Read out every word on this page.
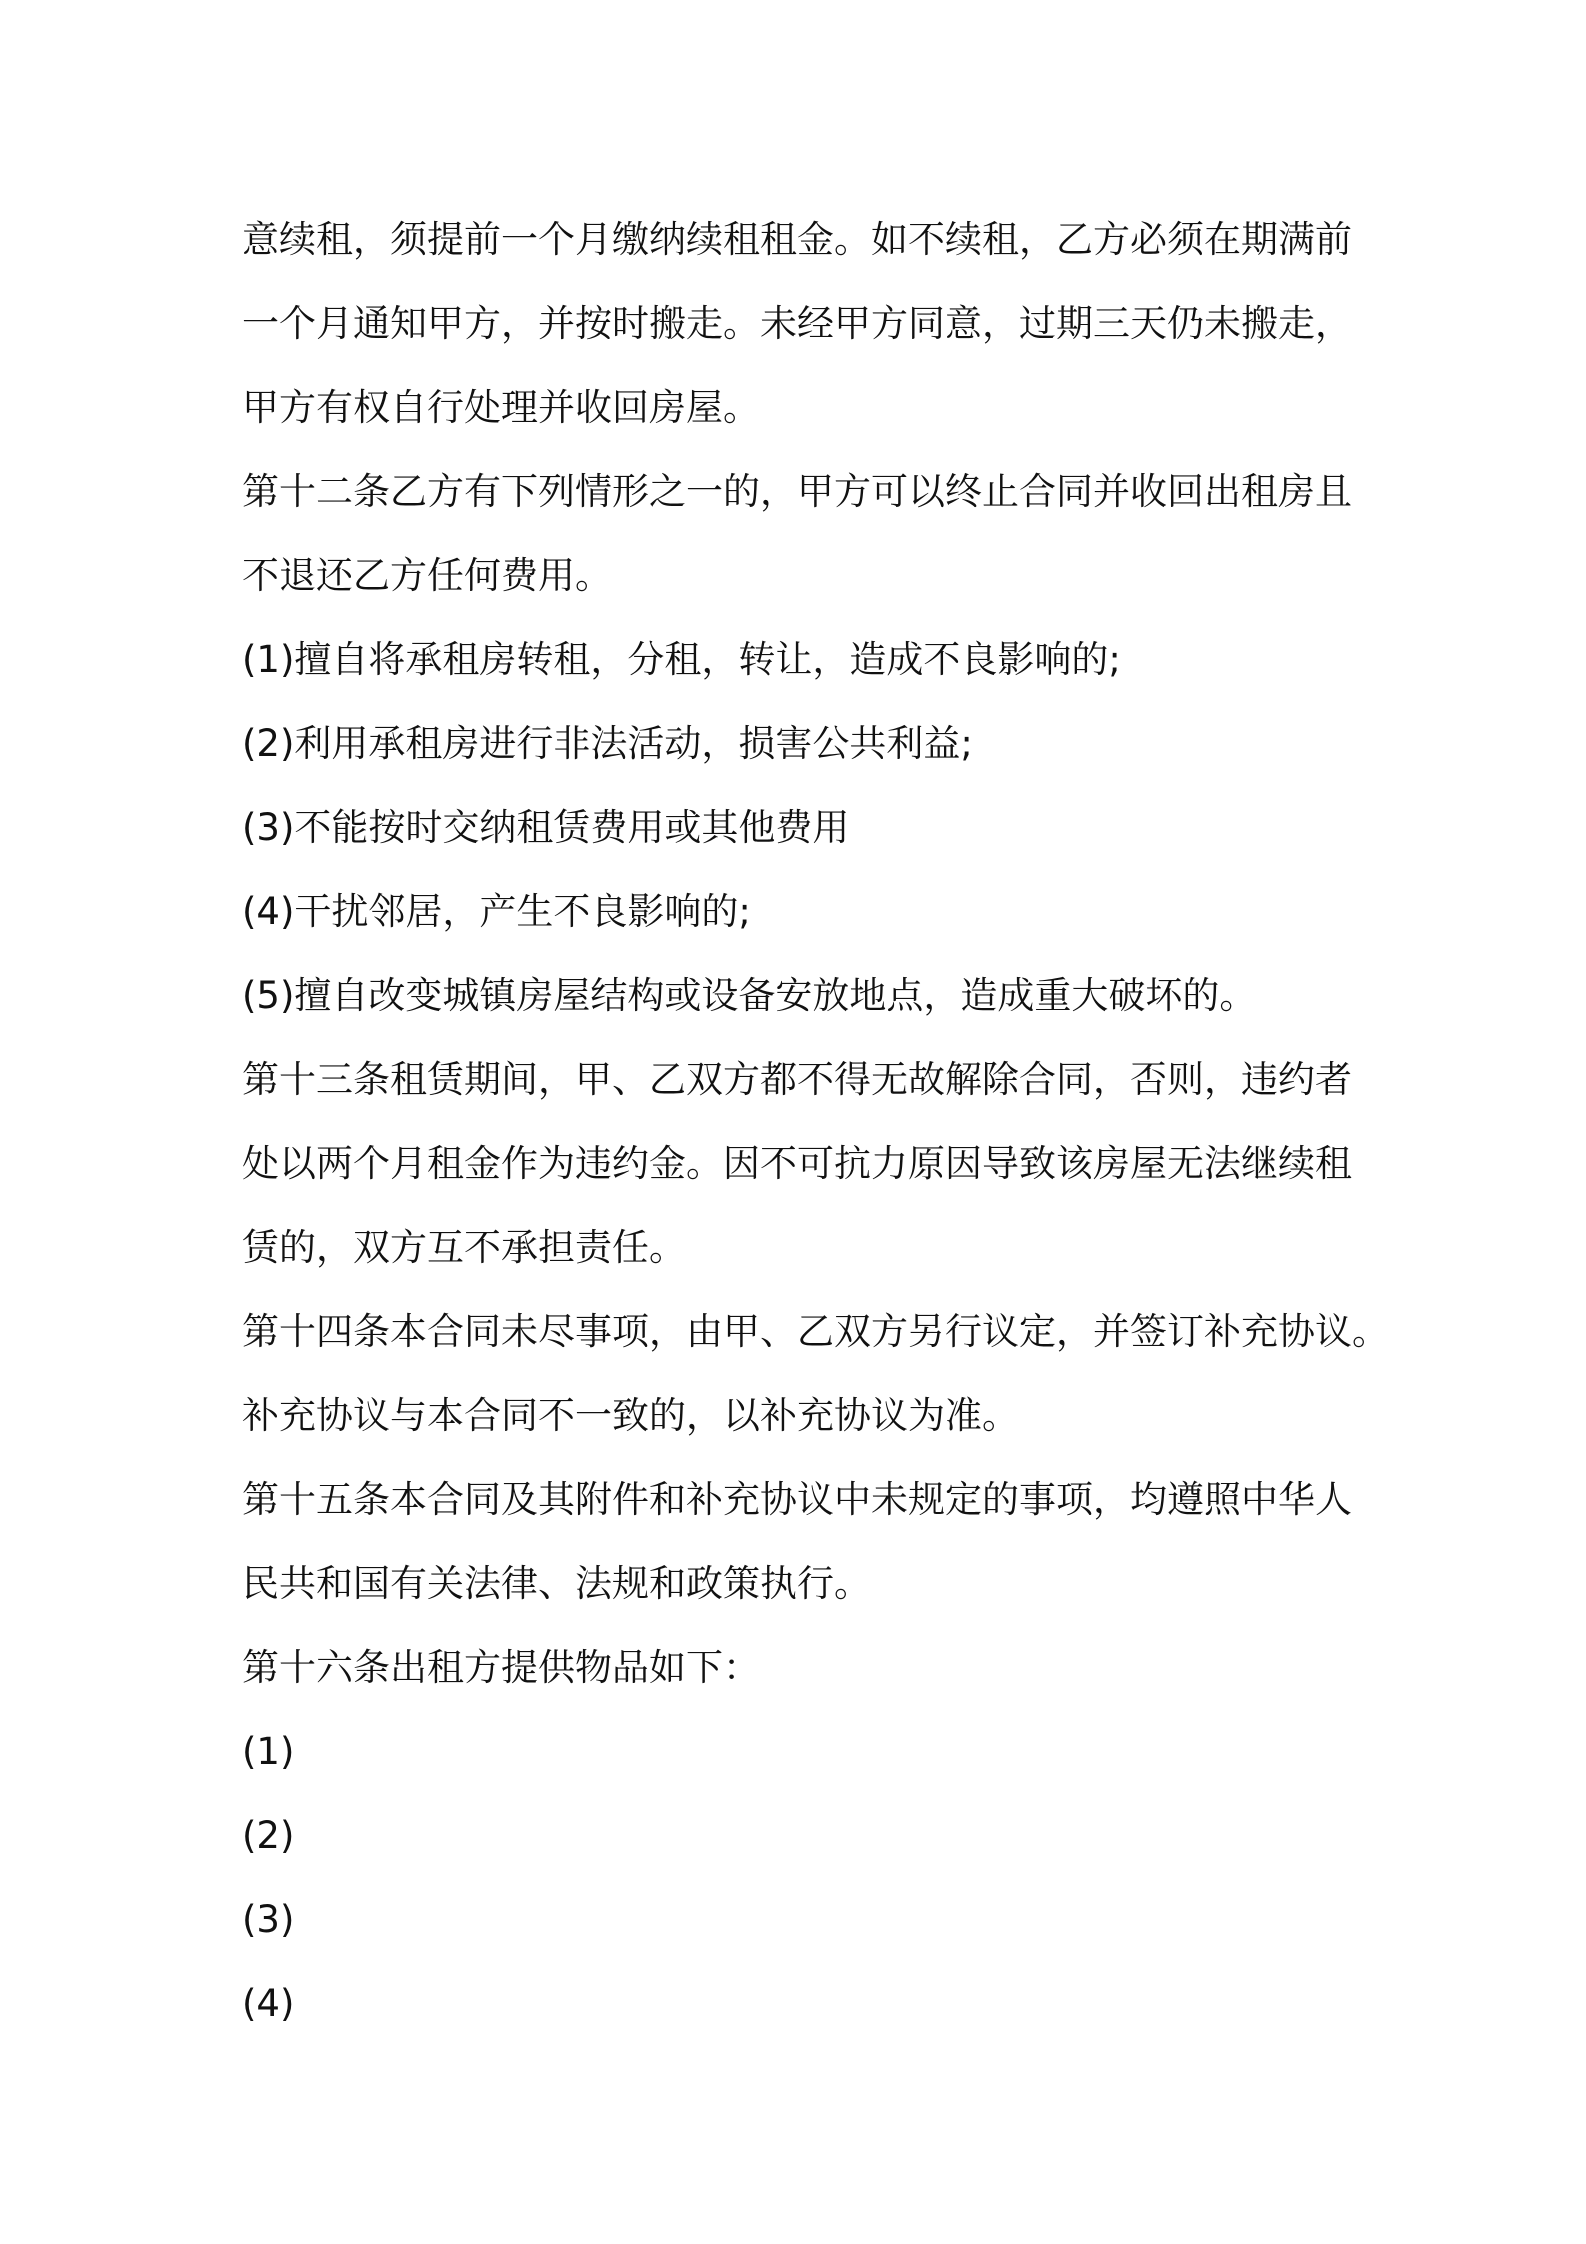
意续租，须提前一个月缴纳续租租金。如不续租，乙方必须在期满前
一个月通知甲方，并按时搬走。未经甲方同意，过期三天仍未搬走，
甲方有权自行处理并收回房屋。

第十二条乙方有下列情形之一的，甲方可以终止合同并收回出租房且
不退还乙方任何费用。

(1)擅自将承租房转租，分租，转让，造成不良影响的;

(2)利用承租房进行非法活动，损害公共利益;

(3)不能按时交纳租赁费用或其他费用

(4)干扰邻居，产生不良影响的;

(5)擅自改变城镇房屋结构或设备安放地点，造成重大破坏的。

第十三条租赁期间，甲、乙双方都不得无故解除合同，否则，违约者
处以两个月租金作为违约金。因不可抗力原因导致该房屋无法继续租
赁的，双方互不承担责任。

第十四条本合同未尽事项，由甲、乙双方另行议定，并签订补充协议。
补充协议与本合同不一致的，以补充协议为准。

第十五条本合同及其附件和补充协议中未规定的事项，均遵照中华人
民共和国有关法律、法规和政策执行。

第十六条出租方提供物品如下：

(1)

(2)

(3)

(4)
